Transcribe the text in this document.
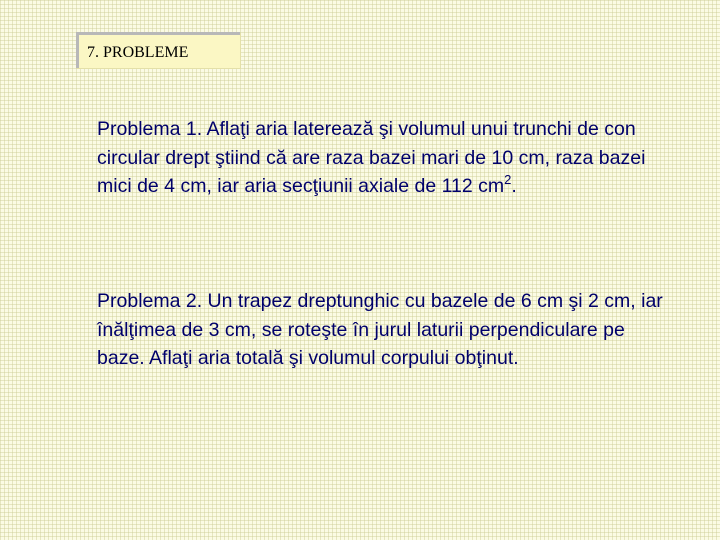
7. PROBLEME

Problema 1. Aflaţi aria laterează şi volumul unui trunchi de con circular drept ştiind că are raza bazei mari de 10 cm, raza bazei mici de 4 cm, iar aria secţiunii axiale de 112 $cm^2$.

Problema 2. Un trapez dreptunghic cu bazele de 6 cm şi 2 cm, iar înălţimea de 3 cm, se roteşte în jurul laturii perpendiculare pe baze. Aflaţi aria totală şi volumul corpului obţinut.
